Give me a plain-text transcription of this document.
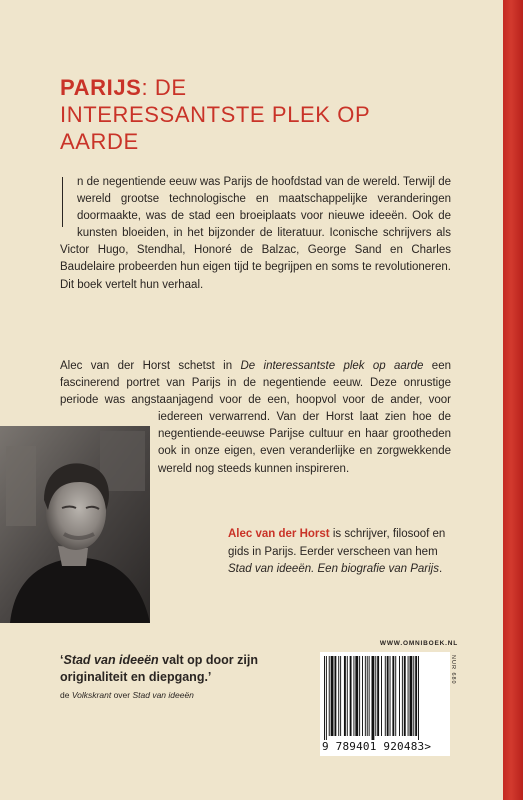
PARIJS: DE INTERESSANTSTE PLEK OP AARDE

n de negentiende eeuw was Parijs de hoofdstad van de wereld. Terwijl de wereld grootse technologische en maatschappelijke veranderingen doormaakte, was de stad een broeiplaats voor nieuwe ideeën. Ook de kunsten bloeiden, in het bijzonder de literatuur. Iconische schrijvers als Victor Hugo, Stendhal, Honoré de Balzac, George Sand en Charles Baudelaire probeerden hun eigen tijd te begrijpen en soms te revolutioneren. Dit boek vertelt hun verhaal.

Alec van der Horst schetst in De interessantste plek op aarde een fascinerend portret van Parijs in de negentiende eeuw. Deze onrustige periode was angstaanjagend voor de een, hoopvol voor de ander, voor iedereen
verwarrend. Van der Horst laat zien hoe de negentiende-eeuwse Parijse cultuur en haar grootheden ook in onze eigen, even veranderlijke en zorgwekkende wereld nog steeds kunnen inspireren.

Alec van der Horst is schrijver, filosoof en gids in Parijs. Eerder verscheen van hem Stad van ideeën. Een biografie van Parijs.

‘Stad van ideeën valt op door zijn originaliteit en diepgang.’

de Volkskrant over Stad van ideeën

WWW.OMNIBOEK.NL

NUR 680

9 789401 920483>
